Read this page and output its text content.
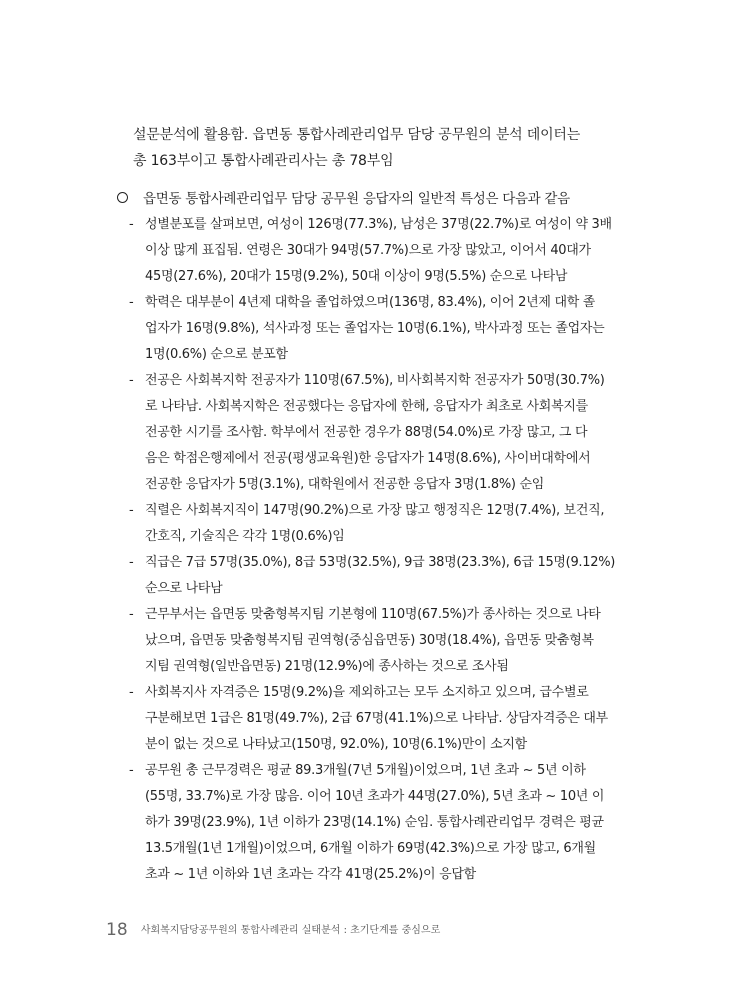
설문분석에 활용함. 읍면동 통합사례관리업무 담당 공무원의 분석 데이터는
총 163부이고 통합사례관리사는 총 78부임
읍면동 통합사례관리업무 담당 공무원 응답자의 일반적 특성은 다음과 같음
- 성별분포를 살펴보면, 여성이 126명(77.3%), 남성은 37명(22.7%)로 여성이 약 3배
이상 많게 표집됨. 연령은 30대가 94명(57.7%)으로 가장 많았고, 이어서 40대가
45명(27.6%), 20대가 15명(9.2%), 50대 이상이 9명(5.5%) 순으로 나타남
- 학력은 대부분이 4년제 대학을 졸업하였으며(136명, 83.4%), 이어 2년제 대학 졸
업자가 16명(9.8%), 석사과정 또는 졸업자는 10명(6.1%), 박사과정 또는 졸업자는
1명(0.6%) 순으로 분포함
- 전공은 사회복지학 전공자가 110명(67.5%), 비사회복지학 전공자가 50명(30.7%)
로 나타남. 사회복지학은 전공했다는 응답자에 한해, 응답자가 최초로 사회복지를
전공한 시기를 조사함. 학부에서 전공한 경우가 88명(54.0%)로 가장 많고, 그 다
음은 학점은행제에서 전공(평생교육원)한 응답자가 14명(8.6%), 사이버대학에서
전공한 응답자가 5명(3.1%), 대학원에서 전공한 응답자 3명(1.8%) 순임
- 직렬은 사회복지직이 147명(90.2%)으로 가장 많고 행정직은 12명(7.4%), 보건직,
간호직, 기술직은 각각 1명(0.6%)임
- 직급은 7급 57명(35.0%), 8급 53명(32.5%), 9급 38명(23.3%), 6급 15명(9.12%)
순으로 나타남
- 근무부서는 읍면동 맞춤형복지팀 기본형에 110명(67.5%)가 종사하는 것으로 나타
났으며, 읍면동 맞춤형복지팀 권역형(중심읍면동) 30명(18.4%), 읍면동 맞춤형복
지팀 권역형(일반읍면동) 21명(12.9%)에 종사하는 것으로 조사됨
- 사회복지사 자격증은 15명(9.2%)을 제외하고는 모두 소지하고 있으며, 급수별로
구분해보면 1급은 81명(49.7%), 2급 67명(41.1%)으로 나타남. 상담자격증은 대부
분이 없는 것으로 나타났고(150명, 92.0%), 10명(6.1%)만이 소지함
- 공무원 총 근무경력은 평균 89.3개월(7년 5개월)이었으며, 1년 초과 ~ 5년 이하
(55명, 33.7%)로 가장 많음. 이어 10년 초과가 44명(27.0%), 5년 초과 ~ 10년 이
하가 39명(23.9%), 1년 이하가 23명(14.1%) 순임. 통합사례관리업무 경력은 평균
13.5개월(1년 1개월)이었으며, 6개월 이하가 69명(42.3%)으로 가장 많고, 6개월
초과 ~ 1년 이하와 1년 초과는 각각 41명(25.2%)이 응답함
18 사회복지담당공무원의 통합사례관리 실태분석 : 초기단계를 중심으로
